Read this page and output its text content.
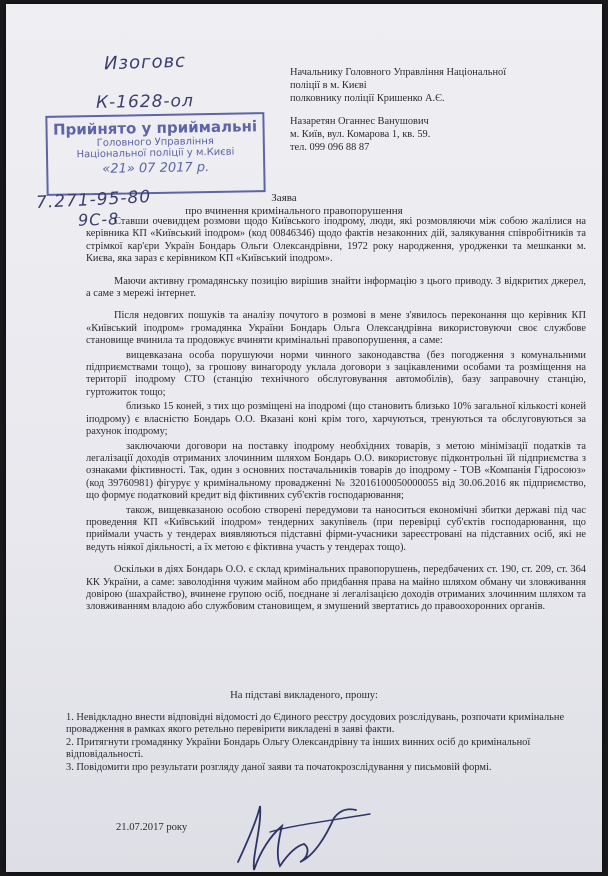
Изоговс
К-1628-ол
Прийнято у приймальні
Головного Управління
Національної поліції у м.Києві
«21» 07 2017 р.
7.271-95-80
9С-8
Начальнику Головного Управління Національної
поліції в м. Києві
полковнику поліції Кришенко А.Є.
Назаретян Оганнес Ванушович
м. Київ, вул. Комарова 1, кв. 59.
тел. 099 096 88 87
Заява
про вчинення кримінального правопорушення

Ставши очевидцем розмови щодо Київського іподрому, люди, які розмовляючи між собою жалілися на керівника КП «Київський іподром» (код 00846346) щодо фактів незаконних дій, залякування співробітників та стрімкої кар'єри Україн Бондарь Ольги Олександрівни, 1972 року народження, уродженки та мешканки м. Києва, яка зараз є керівником КП «Київський іподром».

Маючи активну громадянську позицію вирішив знайти інформацію з цього приводу. З відкритих джерел, а саме з мережі інтернет.

Після недовгих пошуків та аналізу почутого в розмові в мене з'явилось переконання що керівник КП «Київський іподром» громадянка України Бондарь Ольга Олександрівна використовуючи своє службове становище вчинила та продовжує вчиняти кримінальні правопорушення, а саме:

вищевказана особа порушуючи норми чинного законодавства (без погодження з комунальними підприємствами тощо), за грошову винагороду уклала договори з зацікавленими особами та розміщення на території іподрому СТО (станцію технічного обслуговування автомобілів), базу заправочну станцію, гуртожиток тощо;

близько 15 коней, з тих що розміщені на іподромі (що становить близько 10% загальної кількості коней іподрому) є власністю Бондарь О.О. Вказані коні крім того, харчуються, тренуються та обслуговуються за рахунок іподрому;

заключаючи договори на поставку іподрому необхідних товарів, з метою мінімізації податків та легалізації доходів отриманих злочинним шляхом Бондарь О.О. використовує підконтрольні їй підприємства з ознаками фіктивності. Так, один з основних постачальників товарів до іподрому - ТОВ «Компанія Гідросоюз» (код 39760981) фігурує у кримінальному провадженні № 32016100050000055 від 30.06.2016 як підприємство, що формує податковий кредит від фіктивних суб'єктів господарювання;

також, вищевказаною особою створені передумови та наноситься економічні збитки державі під час проведення КП «Київський іподром» тендерних закупівель (при перевірці суб'єктів господарювання, що приймали участь у тендерах виявляються підставні фірми-учасники зареєстровані на підставних осіб, які не ведуть ніякої діяльності, а їх метою є фіктивна участь у тендерах тощо).

Оскільки в діях Бондарь О.О. є склад кримінальних правопорушень, передбачених ст. 190, ст. 209, ст. 364 КК України, а саме: заволодіння чужим майном або придбання права на майно шляхом обману чи зловживання довірою (шахрайство), вчинене групою осіб, поєднане зі легалізацією доходів отриманих злочинним шляхом та зловживанням владою або службовим становищем, я змушений звертатись до правоохоронних органів.

На підставі викладеного, прошу:
1. Невідкладно внести відповідні відомості до Єдиного реєстру досудових розслідувань, розпочати кримінальне провадження в рамках якого ретельно перевірити викладені в заяві факти.
2. Притягнути громадянку України Бондарь Ольгу Олександрівну та інших винних осіб до кримінальної відповідальності.
3. Повідомити про результати розгляду даної заяви та початокрозслідування у письмовій формі.
21.07.2017 року
